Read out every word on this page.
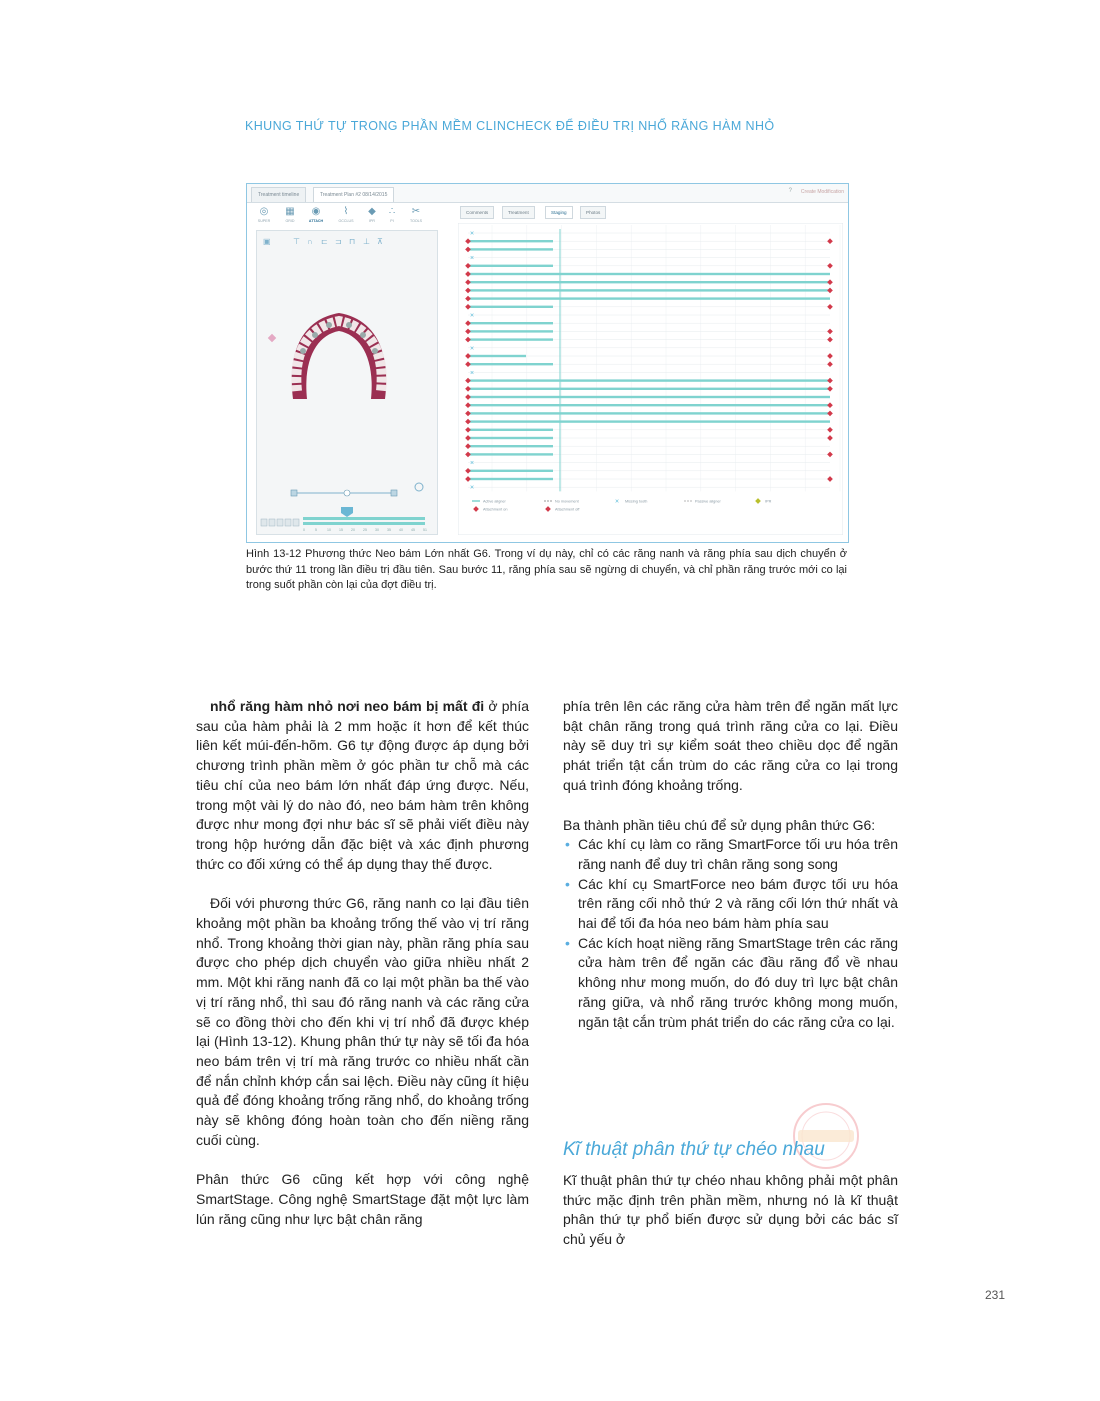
KHUNG THỨ TỰ TRONG PHẦN MỀM CLINCHECK ĐỂ ĐIỀU TRỊ NHỔ RĂNG HÀM NHỎ
Treatment timeline	Treatment Plan #2 08/14/2015
? Create Modification
◎
SUPER
▦
GRID
◉
ATTACH
⌇
OCCLUS
◆
IPR
∴
PI
✂
TOOLS
▣	⊤ ∩ ⊏ ⊐ ⊓ ⊥ ⊼
0	5	10 15 20 25 30 35 40 45 51
Comments	Treatment	Staging	Photos
×
×
×
×
×
×
×
Active aligner
Attachment on
No movement
Attachment off
× Missing tooth	Passive aligner	IPR
Hình 13-12 Phương thức Neo bám Lớn nhất G6. Trong ví dụ này, chỉ có các răng nanh và răng phía sau dịch chuyển ở bước thứ 11 trong lần điều trị đầu tiên. Sau bước 11, răng phía sau sẽ ngừng di chuyển, và chỉ phần răng trước mới co lại trong suốt phần còn lại của đợt điều trị.

 nhổ răng hàm nhỏ nơi neo bám bị mất đi ở phía sau của hàm phải là 2 mm hoặc ít hơn để kết thúc liên kết múi-đến-hõm. G6 tự động được áp dụng bởi chương trình phần mềm ở góc phần tư chỗ mà các tiêu chí của neo bám lớn nhất đáp ứng được. Nếu, trong một vài lý do nào đó, neo bám hàm trên không được như mong đợi như bác sĩ sẽ phải viết điều này trong hộp hướng dẫn đặc biệt và xác định phương thức co đối xứng có thể áp dụng thay thế được.

 Đối với phương thức G6, răng nanh co lại đầu tiên khoảng một phần ba khoảng trống thế vào vị trí răng nhổ. Trong khoảng thời gian này, phần răng phía sau được cho phép dịch chuyển vào giữa nhiều nhất 2 mm. Một khi răng nanh đã co lại một phần ba thế vào vị trí răng nhổ, thì sau đó răng nanh và các răng cửa sẽ co đồng thời cho đến khi vị trí nhổ đã được khép lại (Hình 13-12). Khung phân thứ tự này sẽ tối đa hóa neo bám trên vị trí mà răng trước co nhiều nhất cần để nắn chỉnh khớp cắn sai lệch. Điều này cũng ít hiệu quả để đóng khoảng trống răng nhổ, do khoảng trống này sẽ không đóng hoàn toàn cho đến niềng răng cuối cùng.

Phân thức G6 cũng kết hợp với công nghệ SmartStage. Công nghệ SmartStage đặt một lực làm lún răng cũng như lực bật chân răng

phía trên lên các răng cửa hàm trên để ngăn mất lực bật chân răng trong quá trình răng cửa co lại. Điều này sẽ duy trì sự kiểm soát theo chiều dọc để ngăn phát triển tật cắn trùm do các răng cửa co lại trong quá trình đóng khoảng trống.

Ba thành phần tiêu chú để sử dụng phân thức G6:

• Các khí cụ làm co răng SmartForce tối ưu hóa trên răng nanh để duy trì chân răng song song
• Các khí cụ SmartForce neo bám được tối ưu hóa trên răng cối nhỏ thứ 2 và răng cối lớn thứ nhất và hai để tối đa hóa neo bám hàm phía sau
• Các kích hoạt niềng răng SmartStage trên các răng cửa hàm trên để ngăn các đầu răng đổ về nhau không như mong muốn, do đó duy trì lực bật chân răng giữa, và nhổ răng trước không mong muốn, ngăn tật cắn trùm phát triển do các răng cửa co lại.
Kĩ thuật phân thứ tự chéo nhau
Kĩ thuật phân thứ tự chéo nhau không phải một phân thức mặc định trên phần mềm, nhưng nó là kĩ thuật phân thứ tự phổ biến được sử dụng bởi các bác sĩ chủ yếu ở
231
